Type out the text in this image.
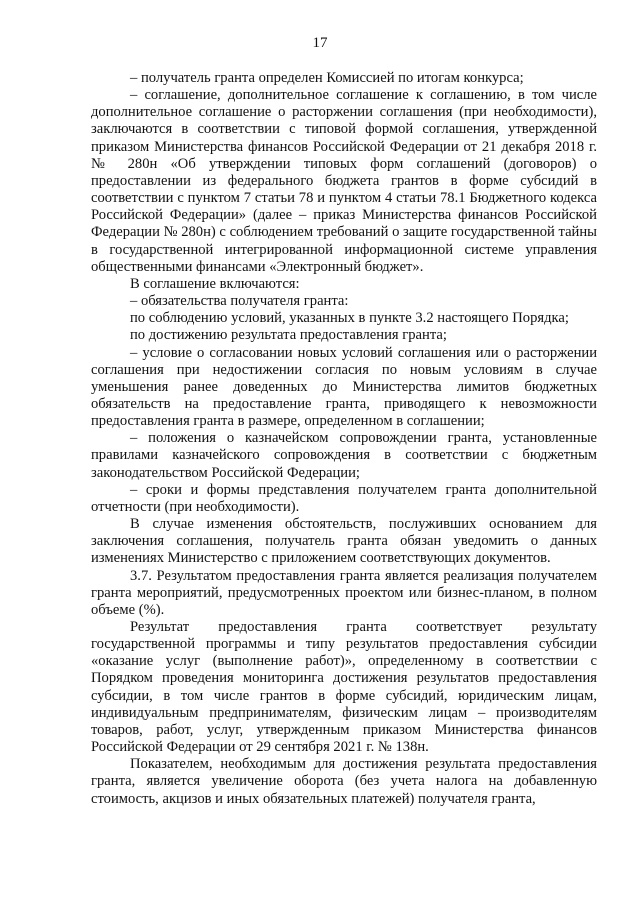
17

– получатель гранта определен Комиссией по итогам конкурса;

– соглашение, дополнительное соглашение к соглашению, в том числе дополнительное соглашение о расторжении соглашения (при необходимости), заключаются в соответствии с типовой формой соглашения, утвержденной приказом Министерства финансов Российской Федерации от 21 декабря 2018 г. № 280н «Об утверждении типовых форм соглашений (договоров) о предоставлении из федерального бюджета грантов в форме субсидий в соответствии с пунктом 7 статьи 78 и пунктом 4 статьи 78.1 Бюджетного кодекса Российской Федерации» (далее – приказ Министерства финансов Российской Федерации № 280н) с соблюдением требований о защите государственной тайны в государственной интегрированной информационной системе управления общественными финансами «Электронный бюджет».

В соглашение включаются:

– обязательства получателя гранта:

по соблюдению условий, указанных в пункте 3.2 настоящего Порядка;

по достижению результата предоставления гранта;

– условие о согласовании новых условий соглашения или о расторжении соглашения при недостижении согласия по новым условиям в случае уменьшения ранее доведенных до Министерства лимитов бюджетных обязательств на предоставление гранта, приводящего к невозможности предоставления гранта в размере, определенном в соглашении;

– положения о казначейском сопровождении гранта, установленные правилами казначейского сопровождения в соответствии с бюджетным законодательством Российской Федерации;

– сроки и формы представления получателем гранта дополнительной отчетности (при необходимости).

В случае изменения обстоятельств, послуживших основанием для заключения соглашения, получатель гранта обязан уведомить о данных изменениях Министерство с приложением соответствующих документов.

3.7. Результатом предоставления гранта является реализация получателем гранта мероприятий, предусмотренных проектом или бизнес-планом, в полном объеме (%).

Результат предоставления гранта соответствует результату государственной программы и типу результатов предоставления субсидии «оказание услуг (выполнение работ)», определенному в соответствии с Порядком проведения мониторинга достижения результатов предоставления субсидии, в том числе грантов в форме субсидий, юридическим лицам, индивидуальным предпринимателям, физическим лицам – производителям товаров, работ, услуг, утвержденным приказом Министерства финансов Российской Федерации от 29 сентября 2021 г. № 138н.

Показателем, необходимым для достижения результата предоставления гранта, является увеличение оборота (без учета налога на добавленную стоимость, акцизов и иных обязательных платежей) получателя гранта,
